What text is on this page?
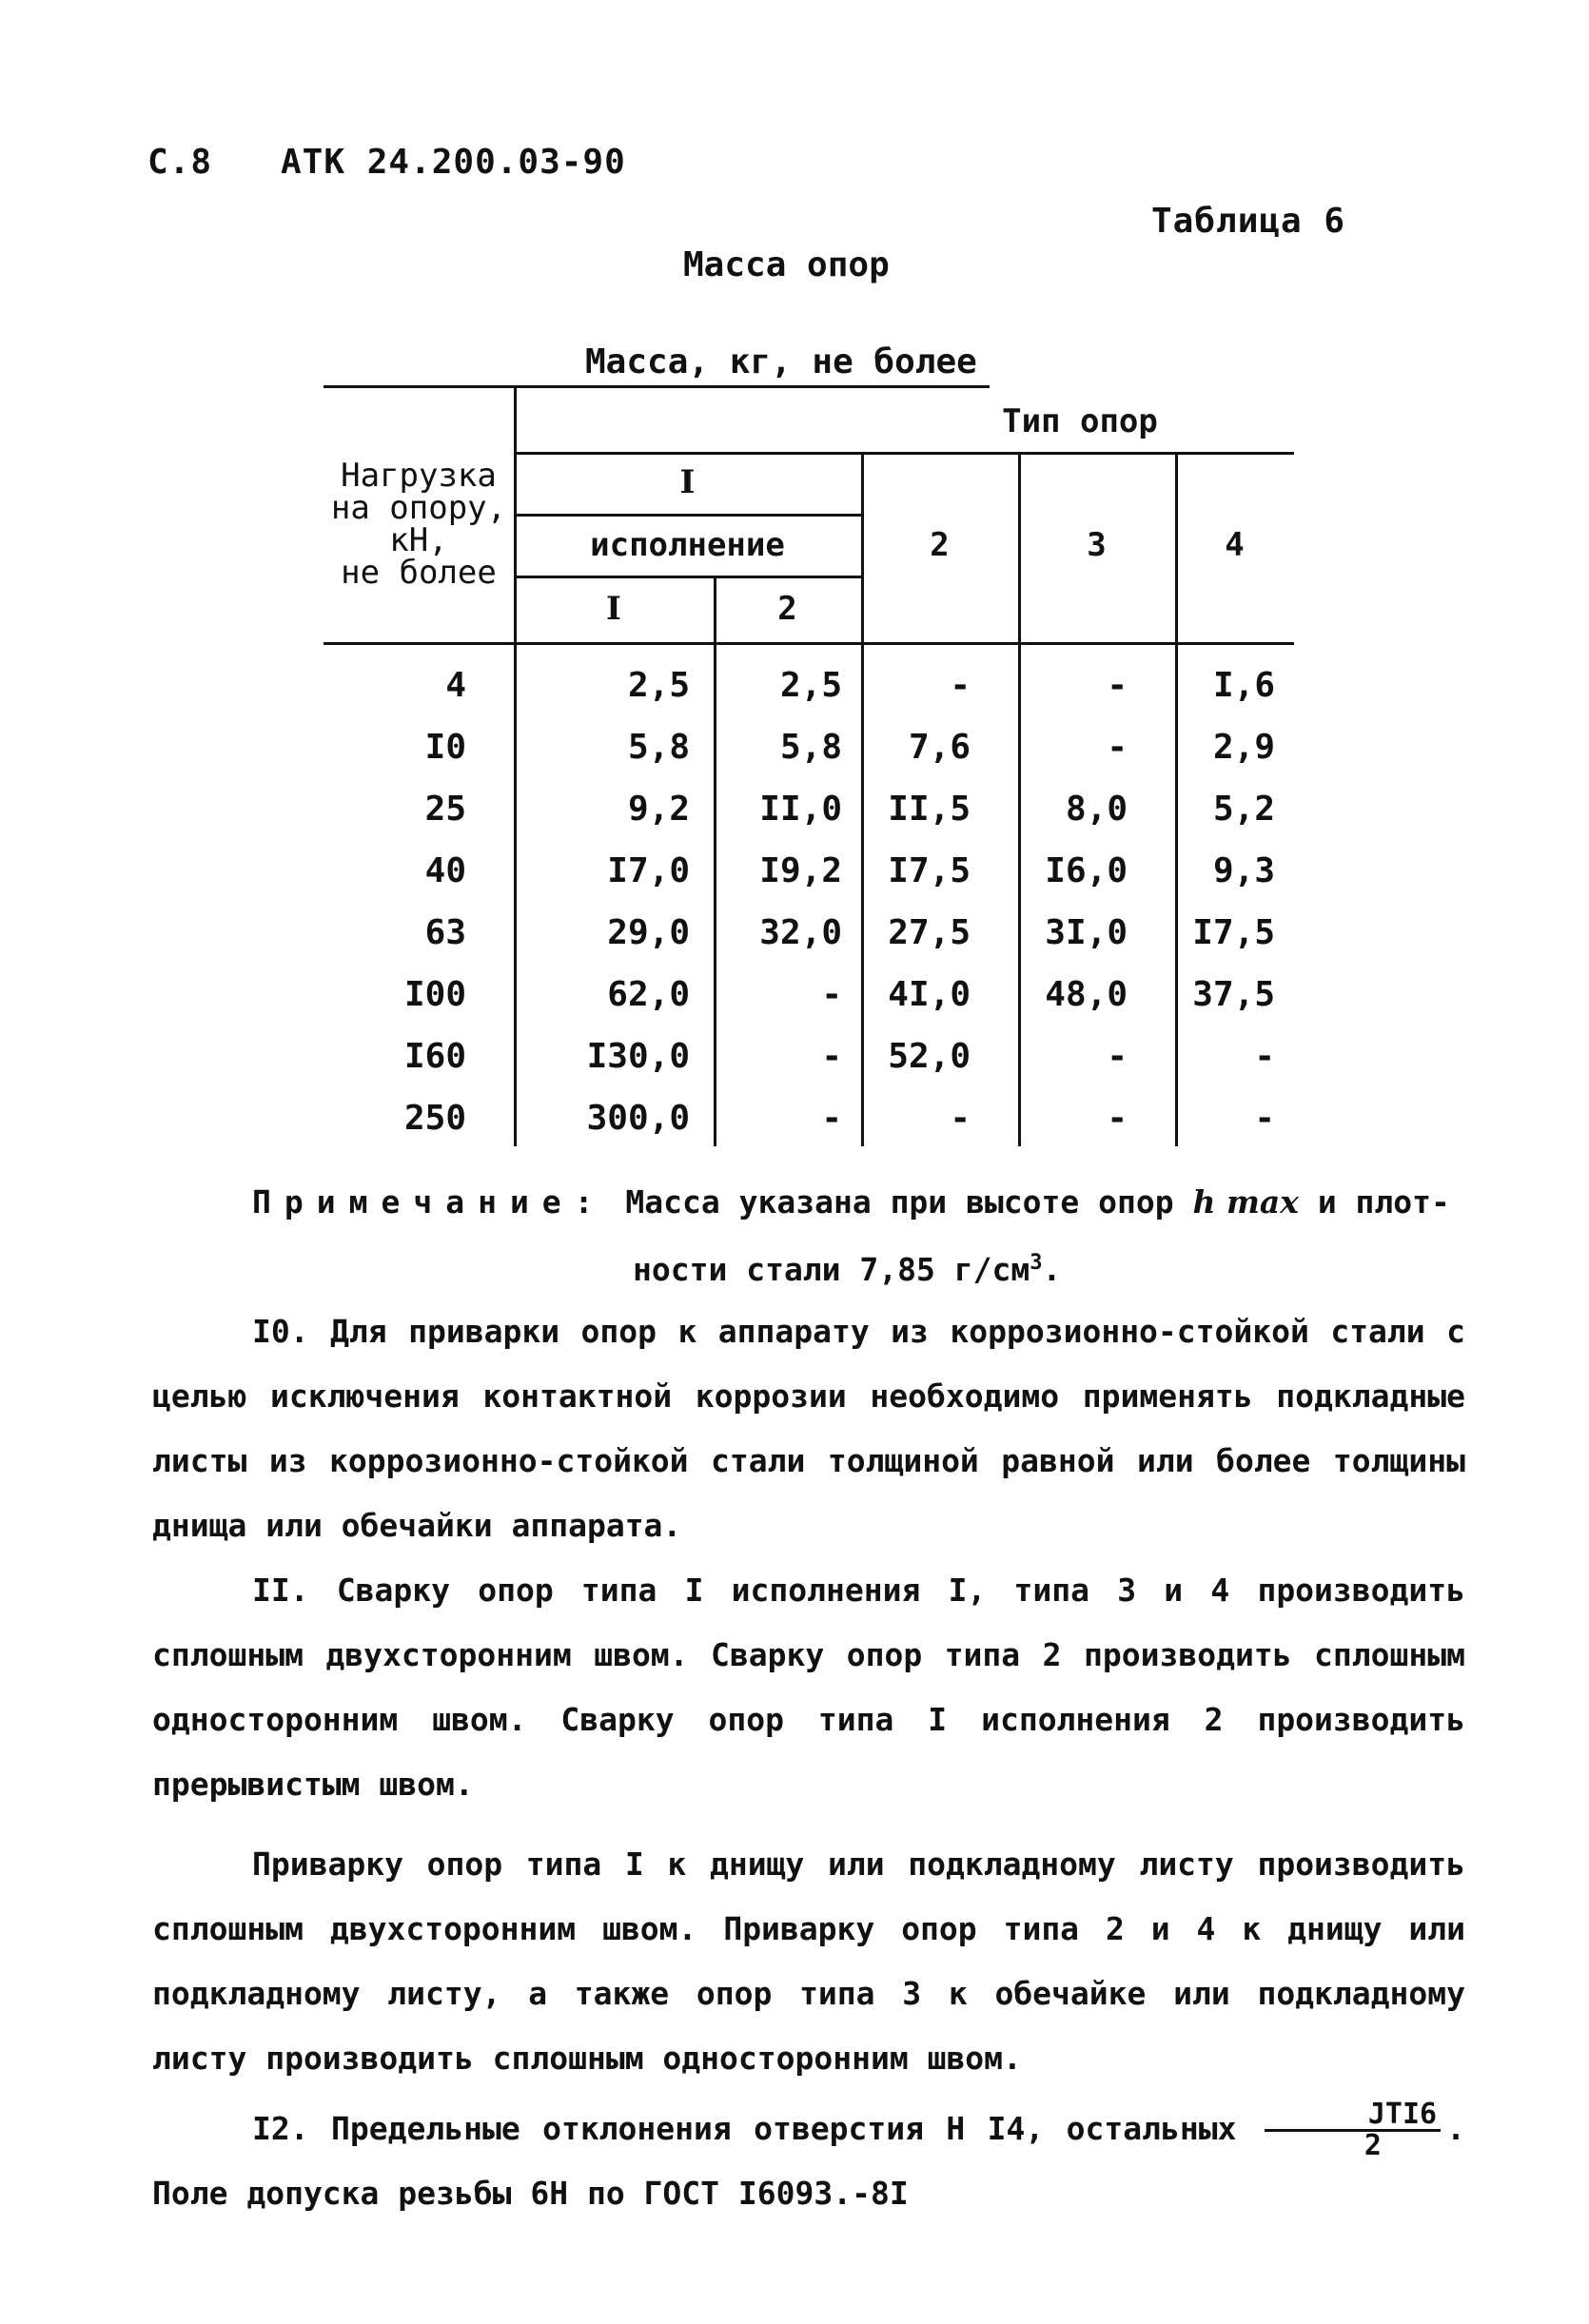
С.8 АТК 24.200.03-90
Таблица 6
Масса опор
Масса, кг, не более
Нагрузка
на опору,
кН,
не более
Тип опор
I
исполнение
I	2
2	3	4
4	2,5	2,5	-	-	I,6
I0	5,8	5,8	7,6	-	2,9
25	9,2	II,0	II,5	8,0	5,2
40	I7,0	I9,2	I7,5	I6,0	9,3
63	29,0	32,0	27,5	3I,0	I7,5
I00	62,0	-	4I,0	48,0	37,5
I60	I30,0	-	52,0	-	-
250	300,0	-	-	-	-
Примечание: Масса указана при высоте опор h max и плот-
ности стали 7,85 $г/см^3$.

I0. Для приварки опор к аппарату из коррозионно-стойкой стали с целью исключения контактной коррозии необходимо применять подкладные листы из коррозионно-стойкой стали толщиной равной или более толщины днища или обечайки аппарата.

II. Сварку опор типа I исполнения I, типа 3 и 4 производить сплошным двухсторонним швом. Сварку опор типа 2 производить сплошным односторонним швом. Сварку опор типа I исполнения 2 производить прерывистым швом.

Приварку опор типа I к днищу или подкладному листу производить сплошным двухсторонним швом. Приварку опор типа 2 и 4 к днищу или подкладному листу, а также опор типа 3 к обечайке или подкладному листу производить сплошным односторонним швом.

I2. Предельные отклонения отверстия Н I4, остальных $\frac{\text{JTI6}}{2}$ . Поле допуска резьбы 6Н по ГОСТ I6093.-8I
